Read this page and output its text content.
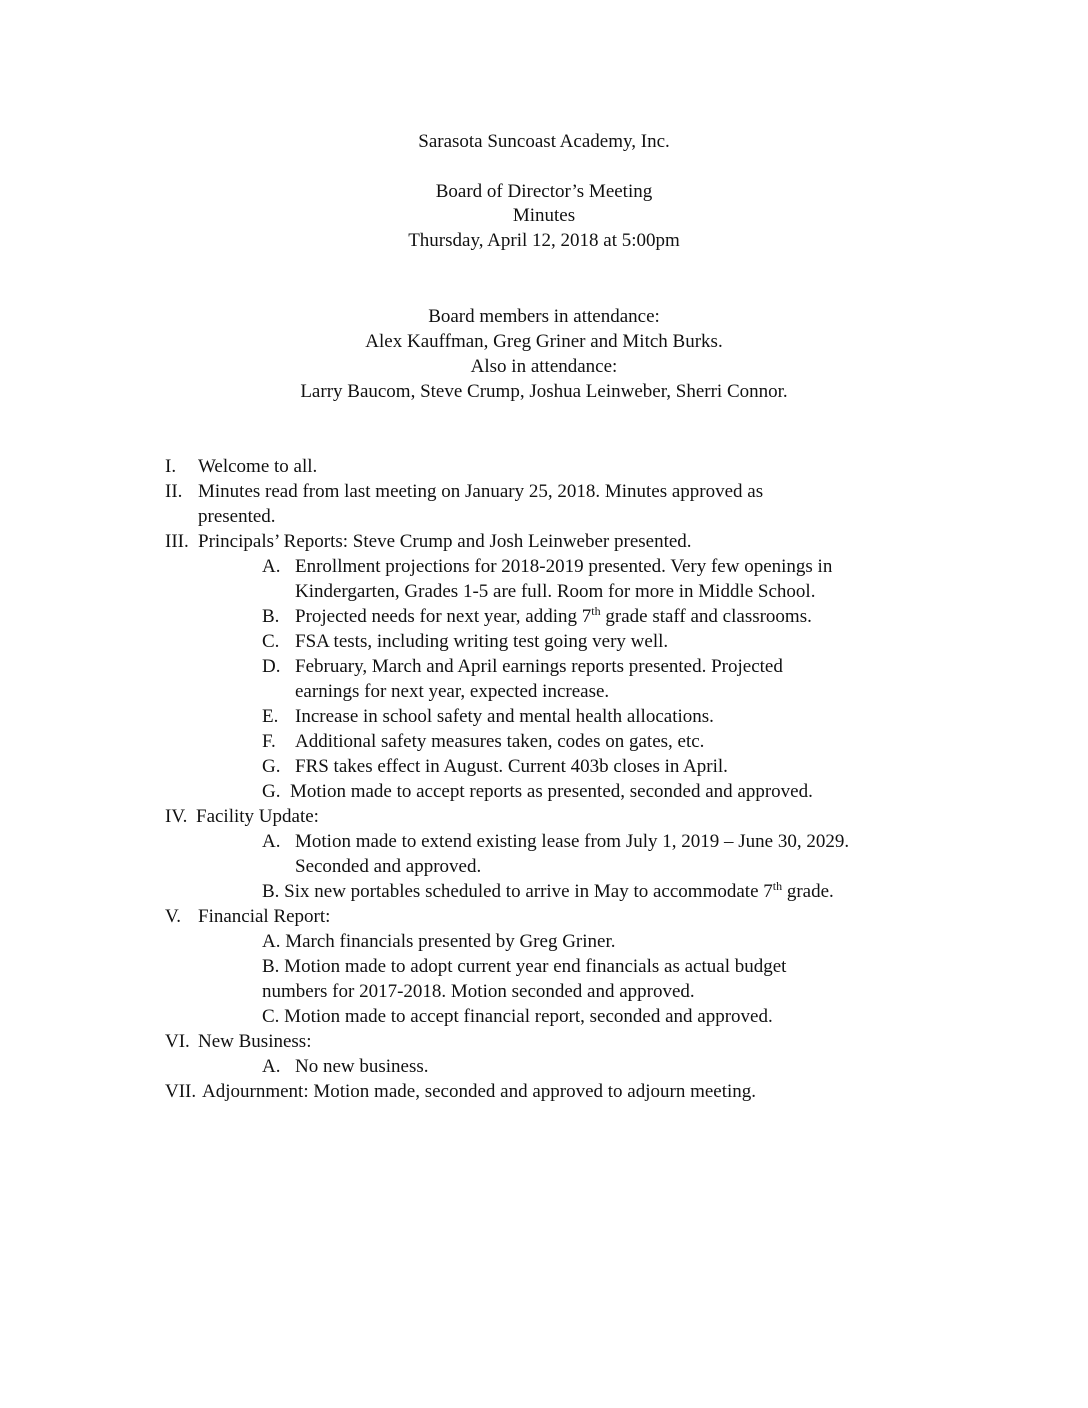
Sarasota Suncoast Academy, Inc.
Board of Director’s Meeting
Minutes
Thursday, April 12, 2018 at 5:00pm
Board members in attendance:
Alex Kauffman, Greg Griner and Mitch Burks.
Also in attendance:
Larry Baucom, Steve Crump, Joshua Leinweber, Sherri Connor.
I. Welcome to all.
II. Minutes read from last meeting on January 25, 2018. Minutes approved as
presented.
III. Principals’ Reports: Steve Crump and Josh Leinweber presented.
A. Enrollment projections for 2018-2019 presented. Very few openings in
Kindergarten, Grades 1-5 are full. Room for more in Middle School.
B. Projected needs for next year, adding 7th grade staff and classrooms.
C. FSA tests, including writing test going very well.
D. February, March and April earnings reports presented. Projected
earnings for next year, expected increase.
E. Increase in school safety and mental health allocations.
F. Additional safety measures taken, codes on gates, etc.
G. FRS takes effect in August. Current 403b closes in April.
G. Motion made to accept reports as presented, seconded and approved.
IV. Facility Update:
A. Motion made to extend existing lease from July 1, 2019 – June 30, 2029.
Seconded and approved.
B. Six new portables scheduled to arrive in May to accommodate 7th grade.
V. Financial Report:
A. March financials presented by Greg Griner.
B. Motion made to adopt current year end financials as actual budget
numbers for 2017-2018. Motion seconded and approved.
C. Motion made to accept financial report, seconded and approved.
VI. New Business:
A. No new business.
VII. Adjournment: Motion made, seconded and approved to adjourn meeting.
